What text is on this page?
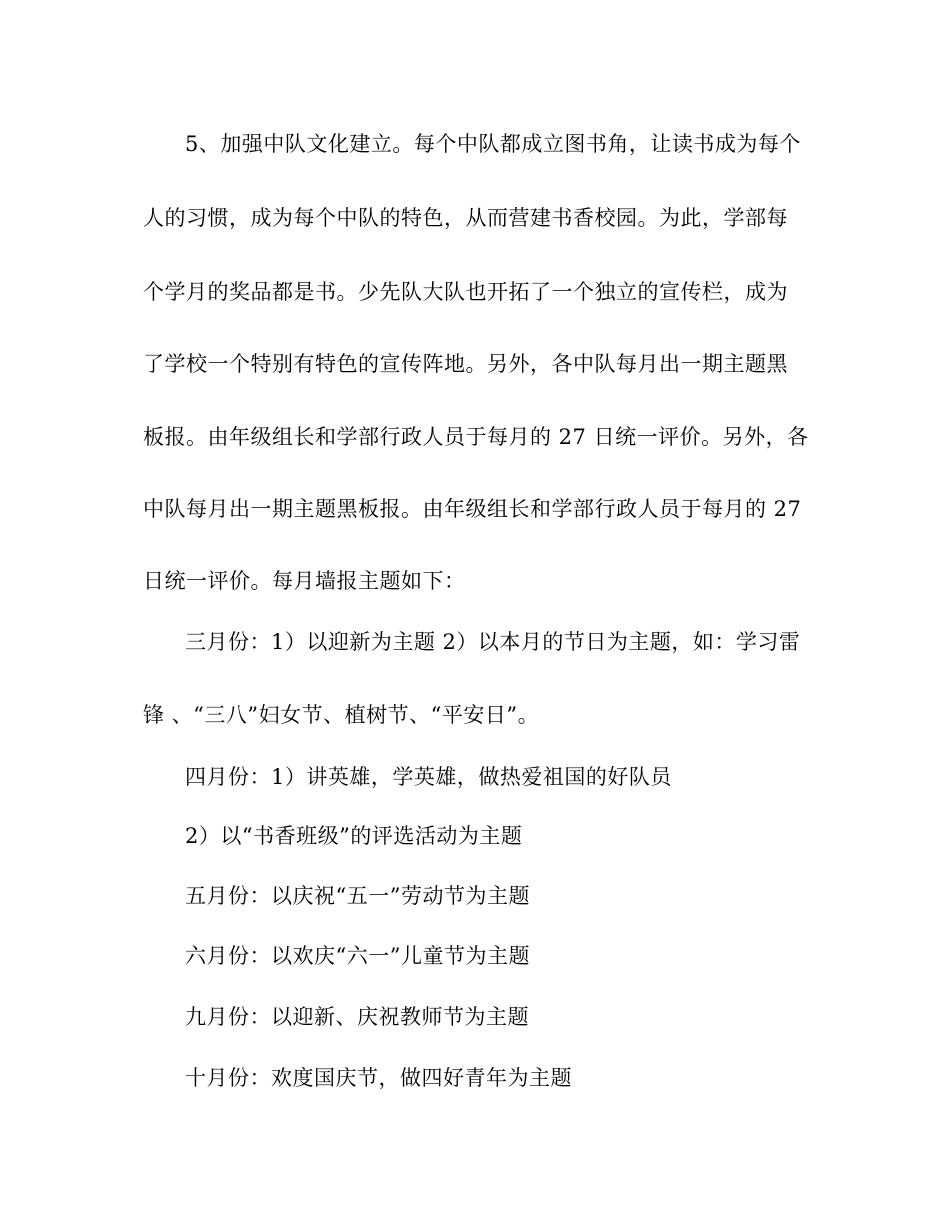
5、加强中队文化建立。每个中队都成立图书角，让读书成为每个
人的习惯，成为每个中队的特色，从而营建书香校园。为此，学部每
个学月的奖品都是书。少先队大队也开拓了一个独立的宣传栏，成为
了学校一个特别有特色的宣传阵地。另外，各中队每月出一期主题黑
板报。由年级组长和学部行政人员于每月的 27 日统一评价。另外，各
中队每月出一期主题黑板报。由年级组长和学部行政人员于每月的 27
日统一评价。每月墙报主题如下：
三月份：1）以迎新为主题 2）以本月的节日为主题，如：学习雷
锋 、“三八”妇女节、植树节、“平安日”。
四月份：1）讲英雄，学英雄，做热爱祖国的好队员
2）以“书香班级”的评选活动为主题
五月份：以庆祝“五一”劳动节为主题
六月份：以欢庆“六一”儿童节为主题
九月份：以迎新、庆祝教师节为主题
十月份：欢度国庆节，做四好青年为主题
